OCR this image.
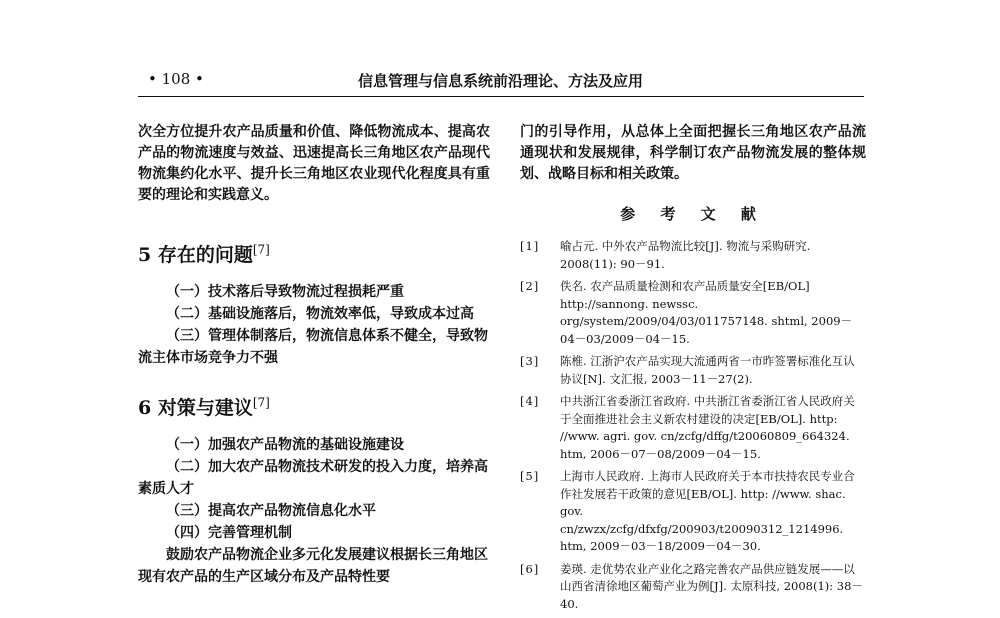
• 108 •	信息管理与信息系统前沿理论、方法及应用

次全方位提升农产品质量和价值、降低物流成本、提高农产品的物流速度与效益、迅速提高长三角地区农产品现代物流集约化水平、提升长三角地区农业现代化程度具有重要的理论和实践意义。

5 存在的问题[7]

（一）技术落后导致物流过程损耗严重

（二）基础设施落后，物流效率低，导致成本过高

（三）管理体制落后，物流信息体系不健全，导致物流主体市场竞争力不强

6 对策与建议[7]

（一）加强农产品物流的基础设施建设

（二）加大农产品物流技术研发的投入力度，培养高素质人才

（三）提高农产品物流信息化水平

（四）完善管理机制

鼓励农产品物流企业多元化发展建议根据长三角地区现有农产品的生产区域分布及产品特性要

门的引导作用，从总体上全面把握长三角地区农产品流通现状和发展规律，科学制订农产品物流发展的整体规划、战略目标和相关政策。

参 考 文 献

[1]	喻占元. 中外农产品物流比较[J]. 物流与采购研究. 2008(11): 90－91.
[2]	佚名. 农产品质量检测和农产品质量安全[EB/OL] http://sannong. newssc. org/system/2009/04/03/011757148. shtml, 2009－04－03/2009－04－15.
[3]	陈椎. 江浙沪农产品实现大流通两省一市昨签署标准化互认协议[N]. 文汇报, 2003－11－27(2).
[4]	中共浙江省委浙江省政府. 中共浙江省委浙江省人民政府关于全面推进社会主义新农村建设的决定[EB/OL]. http: //www. agri. gov. cn/zcfg/dffg/t20060809_664324. htm, 2006－07－08/2009－04－15.
[5]	上海市人民政府. 上海市人民政府关于本市扶持农民专业合作社发展若干政策的意见[EB/OL]. http: //www. shac. gov. cn/zwzx/zcfg/dfxfg/200903/t20090312_1214996. htm, 2009－03－18/2009－04－30.
[6]	姜瑛. 走优势农业产业化之路完善农产品供应链发展——以山西省清徐地区葡萄产业为例[J]. 太原科技, 2008(1): 38－40.
